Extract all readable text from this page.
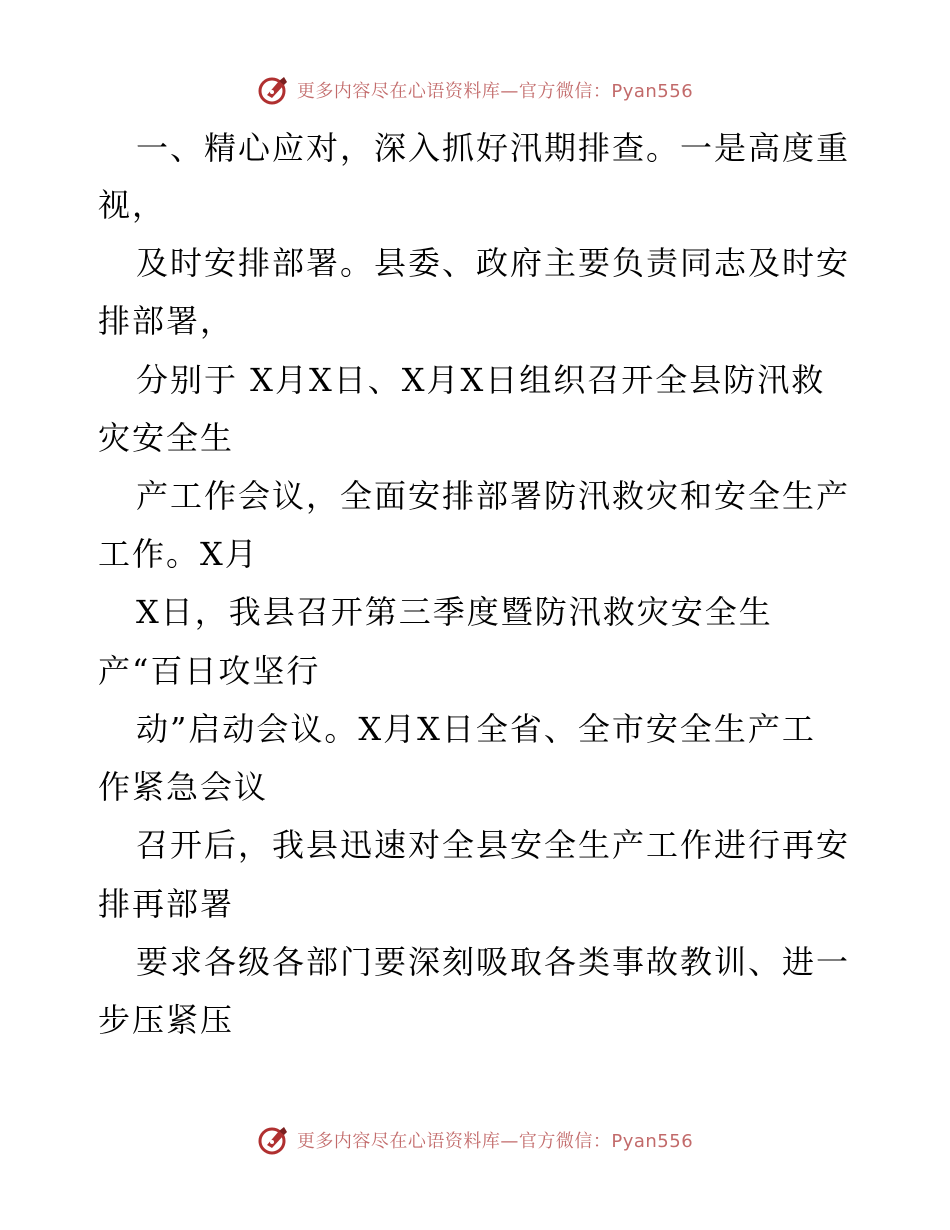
更多内容尽在心语资料库—官方微信：Pyan556
一、精心应对，深入抓好汛期排查。一是高度重
视，
及时安排部署。县委、政府主要负责同志及时安
排部署，
分别于 X月X日、X月X日组织召开全县防汛救
灾安全生
产工作会议，全面安排部署防汛救灾和安全生产
工作。X月
X日，我县召开第三季度暨防汛救灾安全生
产“百日攻坚行
动”启动会议。X月X日全省、全市安全生产工
作紧急会议
召开后，我县迅速对全县安全生产工作进行再安
排再部署
要求各级各部门要深刻吸取各类事故教训、进一
步压紧压
更多内容尽在心语资料库—官方微信：Pyan556
